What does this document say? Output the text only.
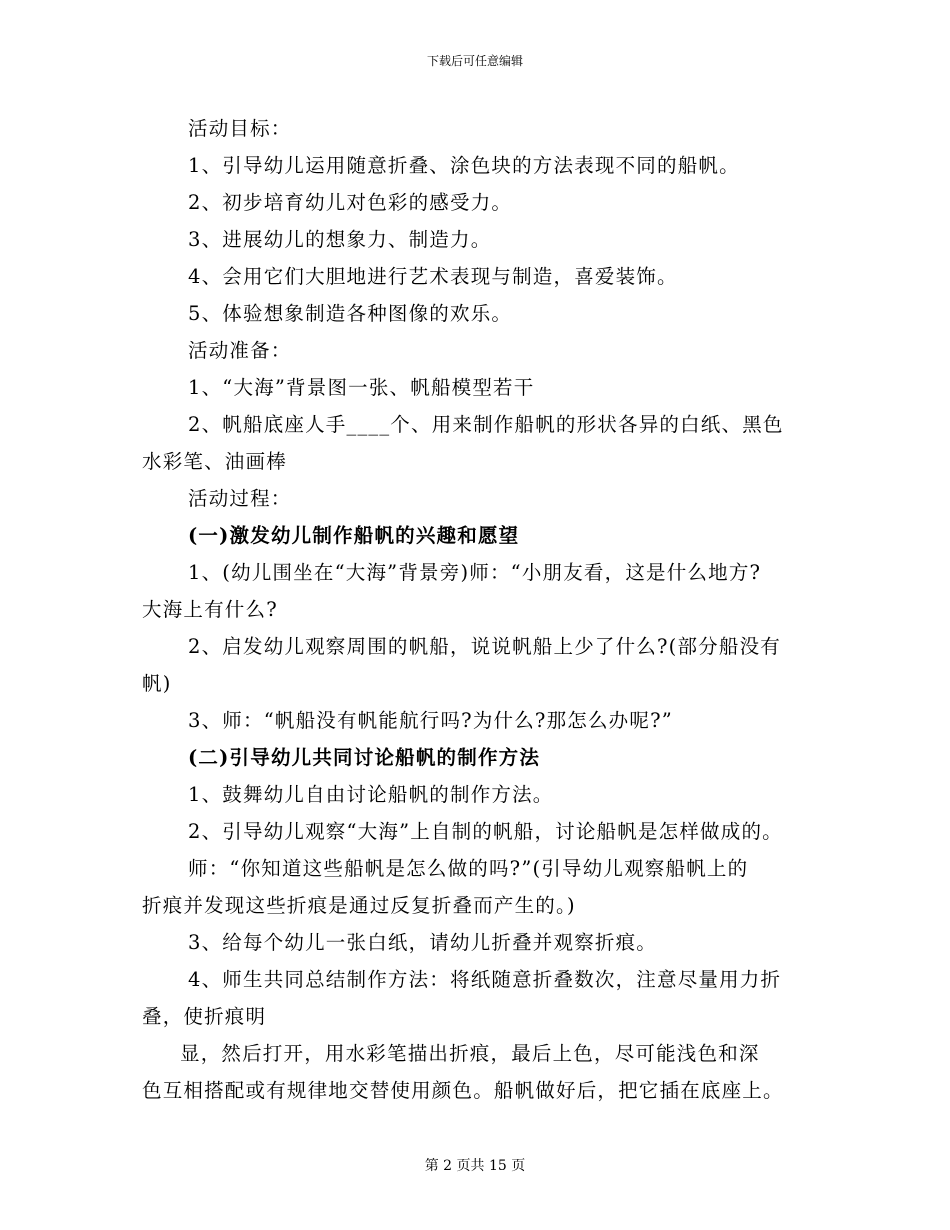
下载后可任意编辑
活动目标：
1、引导幼儿运用随意折叠、涂色块的方法表现不同的船帆。
2、初步培育幼儿对色彩的感受力。
3、进展幼儿的想象力、制造力。
4、会用它们大胆地进行艺术表现与制造，喜爱装饰。
5、体验想象制造各种图像的欢乐。
活动准备：
1、“大海”背景图一张、帆船模型若干
2、帆船底座人手____个、用来制作船帆的形状各异的白纸、黑色
水彩笔、油画棒
活动过程：
(一)激发幼儿制作船帆的兴趣和愿望
1、(幼儿围坐在“大海”背景旁)师：“小朋友看，这是什么地方?
大海上有什么?
2、启发幼儿观察周围的帆船，说说帆船上少了什么?(部分船没有
帆)
3、师：“帆船没有帆能航行吗?为什么?那怎么办呢?”
(二)引导幼儿共同讨论船帆的制作方法
1、鼓舞幼儿自由讨论船帆的制作方法。
2、引导幼儿观察“大海”上自制的帆船，讨论船帆是怎样做成的。
师：“你知道这些船帆是怎么做的吗?”(引导幼儿观察船帆上的
折痕并发现这些折痕是通过反复折叠而产生的。)
3、给每个幼儿一张白纸，请幼儿折叠并观察折痕。
4、师生共同总结制作方法：将纸随意折叠数次，注意尽量用力折
叠，使折痕明
显，然后打开，用水彩笔描出折痕，最后上色，尽可能浅色和深
色互相搭配或有规律地交替使用颜色。船帆做好后，把它插在底座上。
第 2 页共 15 页
